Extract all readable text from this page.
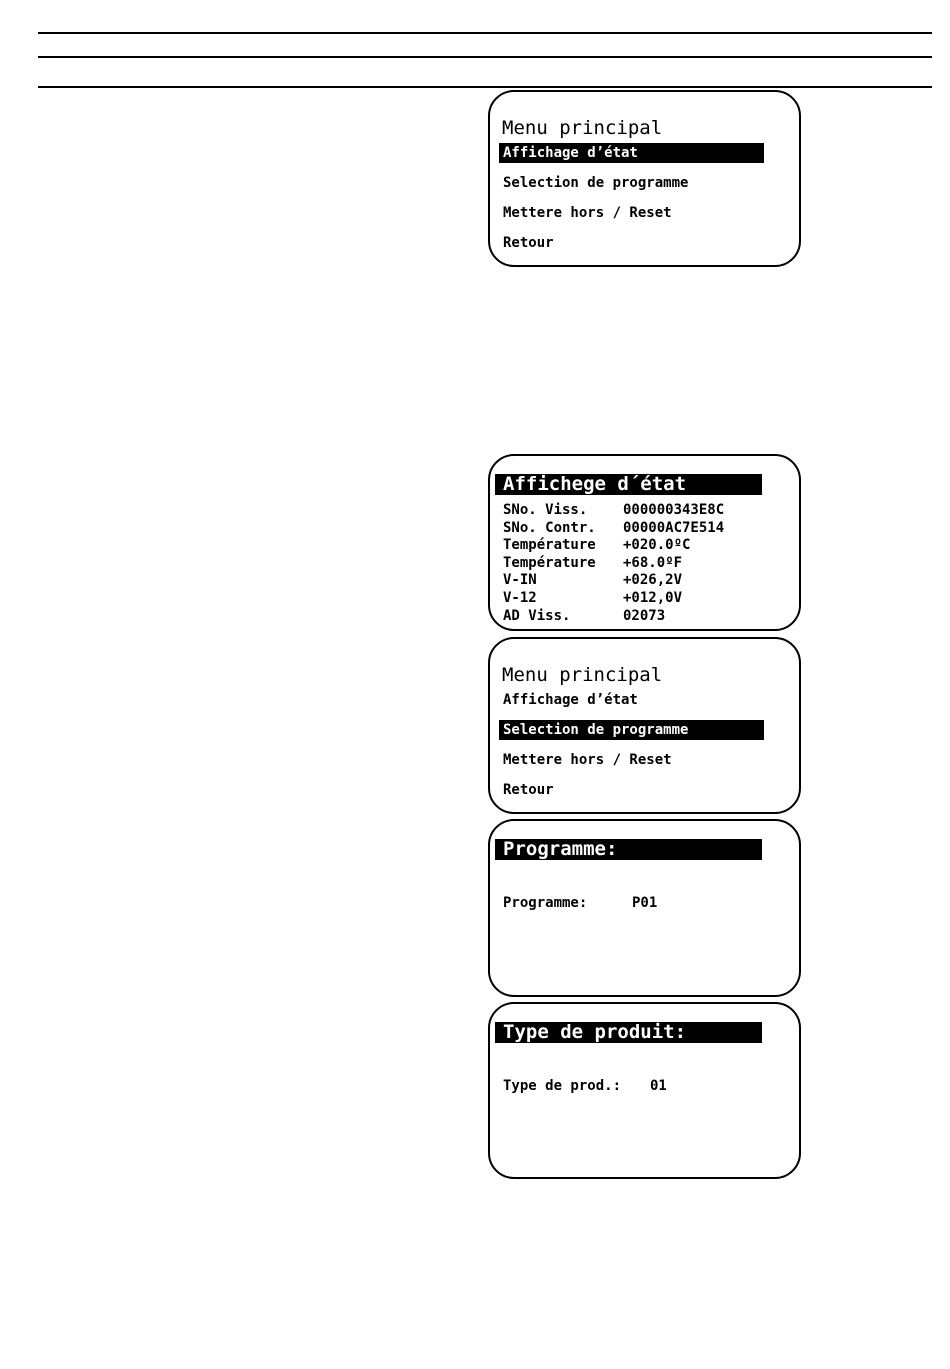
Menu principal
Affichage d’état
Selection de programme
Mettere hors / Reset
Retour
Affichege d´état
SNo. Viss.	000000343E8C
SNo. Contr. 00000AC7E514
Température +020.0ºC
Température +68.0ºF
V-IN	+026,2V
V-12	+012,0V
AD Viss.	02073
Menu principal
Affichage d’état
Selection de programme
Mettere hors / Reset
Retour
Programme:
Programme:	P01
Type de produit:
Type de prod.: 01
